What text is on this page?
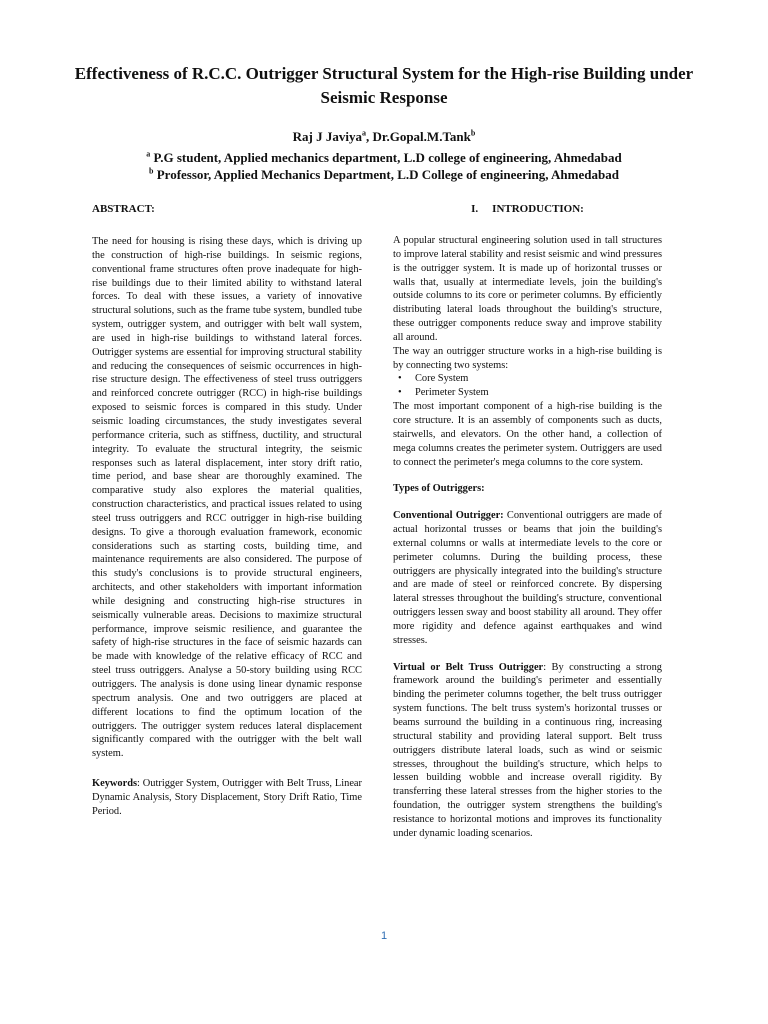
Effectiveness of R.C.C. Outrigger Structural System for the High-rise Building under Seismic Response
Raj J Javiya$^a$, Dr.Gopal.M.Tank$^b$
$^a$ P.G student, Applied mechanics department, L.D college of engineering, Ahmedabad
$^b$ Professor, Applied Mechanics Department, L.D College of engineering, Ahmedabad
ABSTRACT:

The need for housing is rising these days, which is driving up the construction of high-rise buildings. In seismic regions, conventional frame structures often prove inadequate for high-rise buildings due to their limited ability to withstand lateral forces. To deal with these issues, a variety of innovative structural solutions, such as the frame tube system, bundled tube system, outrigger system, and outrigger with belt wall system, are used in high-rise buildings to withstand lateral forces. Outrigger systems are essential for improving structural stability and reducing the consequences of seismic occurrences in high-rise structure design. The effectiveness of steel truss outriggers and reinforced concrete outrigger (RCC) in high-rise buildings exposed to seismic forces is compared in this study. Under seismic loading circumstances, the study investigates several performance criteria, such as stiffness, ductility, and structural integrity. To evaluate the structural integrity, the seismic responses such as lateral displacement, inter story drift ratio, time period, and base shear are thoroughly examined. The comparative study also explores the material qualities, construction characteristics, and practical issues related to using steel truss outriggers and RCC outrigger in high-rise building designs. To give a thorough evaluation framework, economic considerations such as starting costs, building time, and maintenance requirements are also considered. The purpose of this study's conclusions is to provide structural engineers, architects, and other stakeholders with important information while designing and constructing high-rise structures in seismically vulnerable areas. Decisions to maximize structural performance, improve seismic resilience, and guarantee the safety of high-rise structures in the face of seismic hazards can be made with knowledge of the relative efficacy of RCC and steel truss outriggers. Analyse a 50-story building using RCC outriggers. The analysis is done using linear dynamic response spectrum analysis. One and two outriggers are placed at different locations to find the optimum location of the outriggers. The outrigger system reduces lateral displacement significantly compared with the outrigger with the belt wall system.

Keywords: Outrigger System, Outrigger with Belt Truss, Linear Dynamic Analysis, Story Displacement, Story Drift Ratio, Time Period.

I. INTRODUCTION:

A popular structural engineering solution used in tall structures to improve lateral stability and resist seismic and wind pressures is the outrigger system. It is made up of horizontal trusses or walls that, usually at intermediate levels, join the building's outside columns to its core or perimeter columns. By efficiently distributing lateral loads throughout the building's structure, these outrigger components reduce sway and improve stability all around.

The way an outrigger structure works in a high-rise building is by connecting two systems:

• Core System
• Perimeter System

The most important component of a high-rise building is the core structure. It is an assembly of components such as ducts, stairwells, and elevators. On the other hand, a collection of mega columns creates the perimeter system. Outriggers are used to connect the perimeter's mega columns to the core system.

Types of Outriggers:

Conventional Outrigger: Conventional outriggers are made of actual horizontal trusses or beams that join the building's external columns or walls at intermediate levels to the core or perimeter columns. During the building process, these outriggers are physically integrated into the building's structure and are made of steel or reinforced concrete. By dispersing lateral stresses throughout the building's structure, conventional outriggers lessen sway and boost stability all around. They offer more rigidity and defence against earthquakes and wind stresses.

Virtual or Belt Truss Outrigger: By constructing a strong framework around the building's perimeter and essentially binding the perimeter columns together, the belt truss outrigger system functions. The belt truss system's horizontal trusses or beams surround the building in a continuous ring, increasing structural stability and providing lateral support. Belt truss outriggers distribute lateral loads, such as wind or seismic stresses, throughout the building's structure, which helps to lessen building wobble and increase overall rigidity. By transferring these lateral stresses from the higher stories to the foundation, the outrigger system strengthens the building's resistance to horizontal motions and improves its functionality under dynamic loading scenarios.

1
